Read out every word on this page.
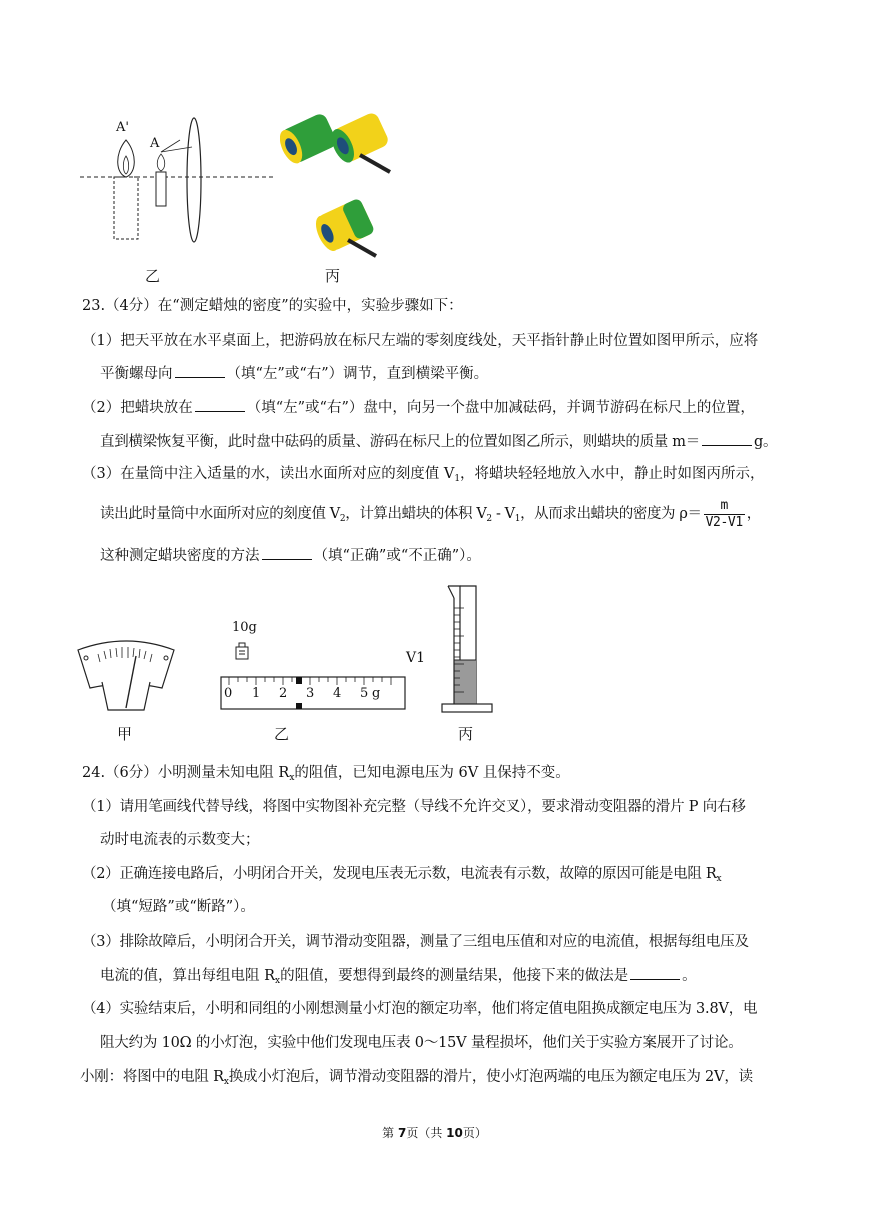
A'
A
乙	丙
23.（4分）在“测定蜡烛的密度”的实验中，实验步骤如下：
（1）把天平放在水平桌面上，把游码放在标尺左端的零刻度线处，天平指针静止时位置如图甲所示，应将
平衡螺母向	（填“左”或“右”）调节，直到横梁平衡。
（2）把蜡块放在	（填“左”或“右”）盘中，向另一个盘中加减砝码，并调节游码在标尺上的位置，
直到横梁恢复平衡，此时盘中砝码的质量、游码在标尺上的位置如图乙所示，则蜡块的质量 m＝	g。
（3）在量筒中注入适量的水，读出水面所对应的刻度值 $V_1$，将蜡块轻轻地放入水中，静止时如图丙所示，
读出此时量筒中水面所对应的刻度值 $V_2$，计算出蜡块的体积 $V_2 - V_1$，从而求出蜡块的密度为 $\rho= \frac{m}{V2-V1}$ ，
这种测定蜡块密度的方法	（填“正确”或“不正确”）。
10g
0 1 2 3 4 5 g
V1
甲	乙	丙
24.（6分）小明测量未知电阻 $R_x$的阻值，已知电源电压为 6V 且保持不变。
（1）请用笔画线代替导线，将图中实物图补充完整（导线不允许交叉），要求滑动变阻器的滑片 P 向右移
动时电流表的示数变大；
（2）正确连接电路后，小明闭合开关，发现电压表无示数，电流表有示数，故障的原因可能是电阻 $R_x$
（填“短路”或“断路”）。
（3）排除故障后，小明闭合开关，调节滑动变阻器，测量了三组电压值和对应的电流值，根据每组电压及
电流的值，算出每组电阻 $R_x$的阻值，要想得到最终的测量结果，他接下来的做法是	。
（4）实验结束后，小明和同组的小刚想测量小灯泡的额定功率，他们将定值电阻换成额定电压为 3.8V，电
阻大约为 10Ω 的小灯泡，实验中他们发现电压表 0～15V 量程损坏，他们关于实验方案展开了讨论。
小刚：将图中的电阻 $R_x$换成小灯泡后，调节滑动变阻器的滑片，使小灯泡两端的电压为额定电压为 2V，读
第 7页（共 10页）
